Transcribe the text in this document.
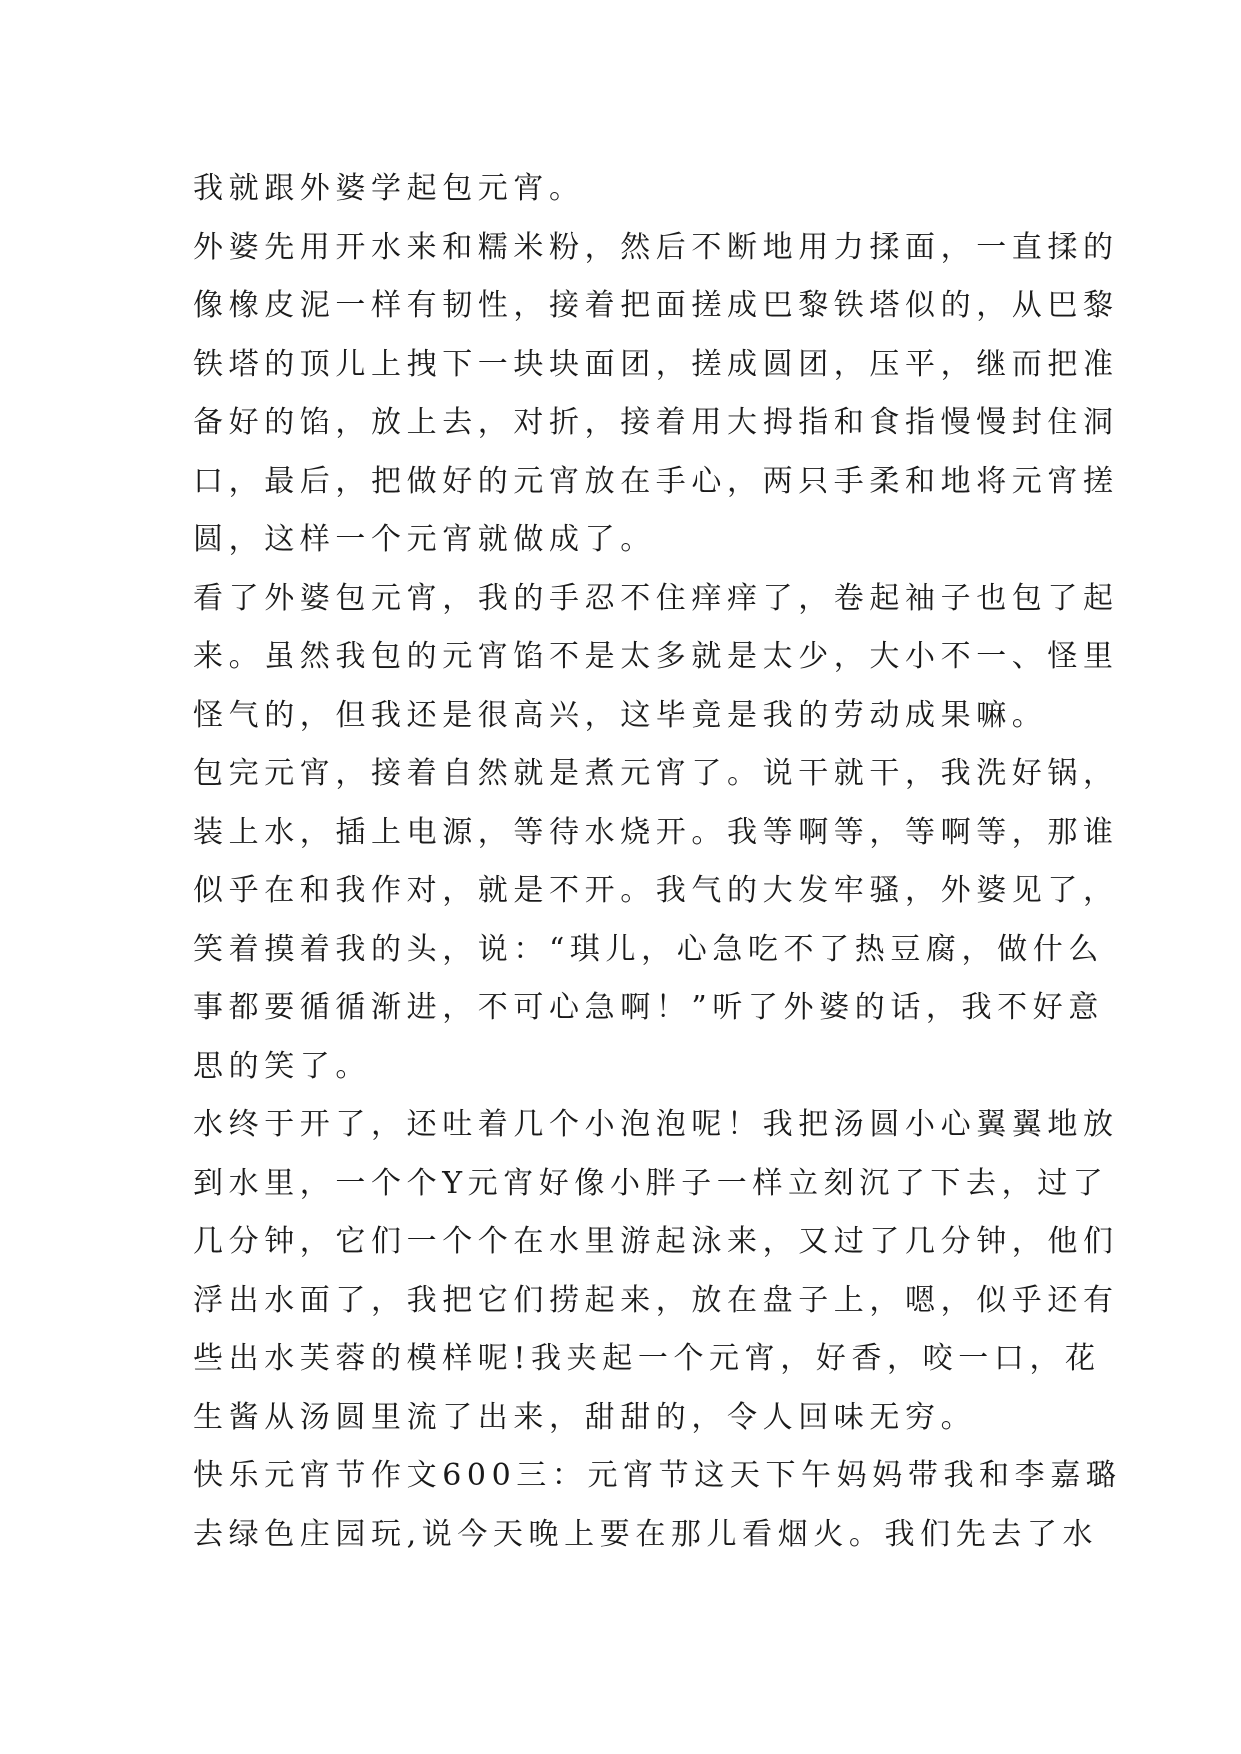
我就跟外婆学起包元宵。
外婆先用开水来和糯米粉，然后不断地用力揉面，一直揉的
像橡皮泥一样有韧性，接着把面搓成巴黎铁塔似的，从巴黎
铁塔的顶儿上拽下一块块面团，搓成圆团，压平，继而把准
备好的馅，放上去，对折，接着用大拇指和食指慢慢封住洞
口，最后，把做好的元宵放在手心，两只手柔和地将元宵搓
圆，这样一个元宵就做成了。
看了外婆包元宵，我的手忍不住痒痒了，卷起袖子也包了起
来。虽然我包的元宵馅不是太多就是太少，大小不一、怪里
怪气的，但我还是很高兴，这毕竟是我的劳动成果嘛。
包完元宵，接着自然就是煮元宵了。说干就干，我洗好锅，
装上水，插上电源，等待水烧开。我等啊等，等啊等，那谁
似乎在和我作对，就是不开。我气的大发牢骚，外婆见了，
笑着摸着我的头，说：“琪儿，心急吃不了热豆腐，做什么
事都要循循渐进，不可心急啊！”听了外婆的话，我不好意
思的笑了。
水终于开了，还吐着几个小泡泡呢！我把汤圆小心翼翼地放
到水里，一个个Y元宵好像小胖子一样立刻沉了下去，过了
几分钟，它们一个个在水里游起泳来，又过了几分钟，他们
浮出水面了，我把它们捞起来，放在盘子上，嗯，似乎还有
些出水芙蓉的模样呢!我夹起一个元宵，好香，咬一口，花
生酱从汤圆里流了出来，甜甜的，令人回味无穷。
快乐元宵节作文600三：元宵节这天下午妈妈带我和李嘉璐
去绿色庄园玩,说今天晚上要在那儿看烟火。我们先去了水
